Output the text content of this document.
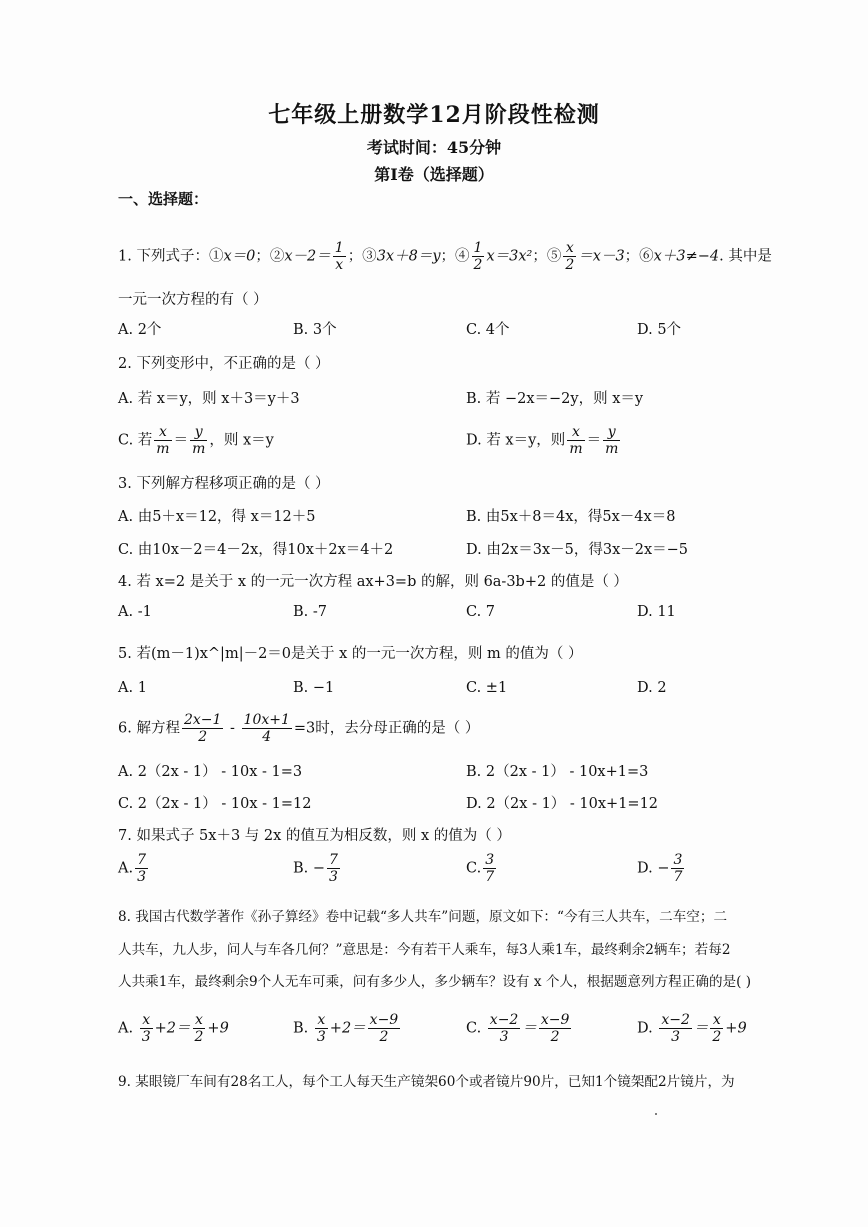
七年级上册数学12月阶段性检测
考试时间：45分钟
第I卷（选择题）
一、选择题：
1. 下列式子：①x＝0；②x－2＝ $\frac{1}{x}$ ；③3x＋8＝y；④ $\frac{1}{2} x=3x^2$；⑤ $\frac{x}{2} =x-3$；⑥x＋3≠−4. 其中是
一元一次方程的有（ ）
A. 2个	B. 3个	C. 4个	D. 5个
2. 下列变形中，不正确的是（ ）
A. 若 x＝y，则 x＋3＝y＋3	B. 若 −2x＝−2y，则 x＝y
C. 若 $\frac{x}{m} = \frac{y}{m}$ ，则 x＝y	D. 若 x＝y，则 $\frac{x}{m} = \frac{y}{m}$
3. 下列解方程移项正确的是（ ）
A. 由5＋x＝12，得 x＝12＋5	B. 由5x＋8＝4x，得5x－4x＝8
C. 由10x－2＝4－2x，得10x＋2x＝4＋2	D. 由2x＝3x－5，得3x－2x＝−5
4. 若 x=2 是关于 x 的一元一次方程 ax+3=b 的解，则 6a-3b+2 的值是（ ）
A. -1	B. -7	C. 7	D. 11
5. 若(m－1)x^|m|－2＝0是关于 x 的一元一次方程，则 m 的值为（ ）
A. 1	B. −1	C. ±1	D. 2
6. 解方程 $\frac{2x-1}{2} - \frac{10x+1}{4} =3$时，去分母正确的是（ ）
A. 2（2x - 1） - 10x - 1=3	B. 2（2x - 1） - 10x+1=3
C. 2（2x - 1） - 10x - 1=12	D. 2（2x - 1） - 10x+1=12
7. 如果式子 5x＋3 与 2x 的值互为相反数，则 x 的值为（ ）
A. $\frac{7}{3}$	B. − $\frac{7}{3}$	C. $\frac{3}{7}$	D. − $\frac{3}{7}$
8. 我国古代数学著作《孙子算经》卷中记载“多人共车”问题，原文如下：“今有三人共车，二车空；二
人共车，九人步，问人与车各几何？”意思是：今有若干人乘车，每3人乘1车，最终剩余2辆车；若每2
人共乘1车，最终剩余9个人无车可乘，问有多少人，多少辆车？设有 x 个人，根据题意列方程正确的是( )
A. $\frac{x}{3} +2= \frac{x}{2} +9$	B. $\frac{x}{3} +2= \frac{x-9}{2}$	C. $\frac{x-2}{3} = \frac{x-9}{2}$	D. $\frac{x-2}{3} = \frac{x}{2} +9$
9. 某眼镜厂车间有28名工人，每个工人每天生产镜架60个或者镜片90片，已知1个镜架配2片镜片，为
